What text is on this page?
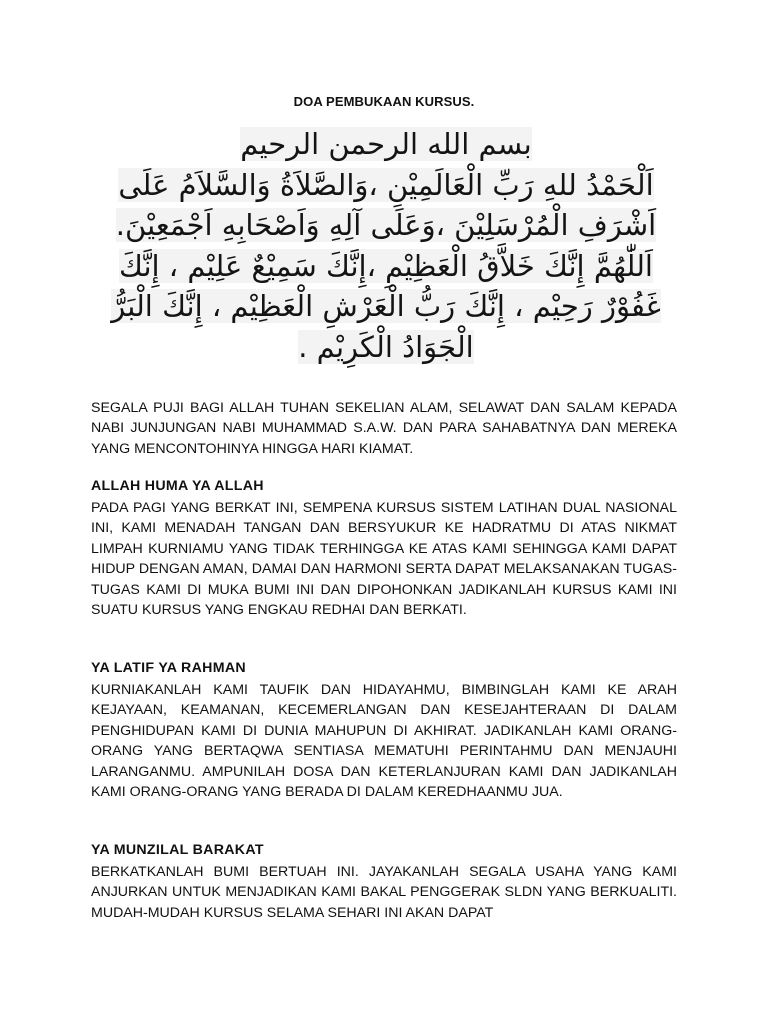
DOA PEMBUKAAN KURSUS.
بسم الله الرحمن الرحيم
اَلْحَمْدُ للهِ رَبِّ الْعَالَمِيْنِ ،وَالصَّلاَةُ وَالسَّلاَمُ عَلَى
اَشْرَفِ الْمُرْسَلِيْنَ ،وَعَلَى آلِهِ وَاَصْحَابِهِ اَجْمَعِيْنَ.
اَللّٰهُمَّ إِنَّكَ خَلاَّقُ الْعَظِيْمِ ،إِنَّكَ سَمِيْعٌ عَلِيْم ، إِنَّكَ
غَفُوْرٌ رَحِيْم ، إِنَّكَ رَبُّ الْعَرْشِ الْعَظِيْم ، إِنَّكَ الْبَرُّ
الْجَوَادُ الْكَرِيْم .

SEGALA PUJI BAGI ALLAH TUHAN SEKELIAN ALAM, SELAWAT DAN SALAM KEPADA NABI JUNJUNGAN NABI MUHAMMAD S.A.W. DAN PARA SAHABATNYA DAN MEREKA YANG MENCONTOHINYA HINGGA HARI KIAMAT.

ALLAH HUMA YA ALLAH

PADA PAGI YANG BERKAT INI, SEMPENA KURSUS SISTEM LATIHAN DUAL NASIONAL INI, KAMI MENADAH TANGAN DAN BERSYUKUR KE HADRATMU DI ATAS NIKMAT LIMPAH KURNIAMU YANG TIDAK TERHINGGA KE ATAS KAMI SEHINGGA KAMI DAPAT HIDUP DENGAN AMAN, DAMAI DAN HARMONI SERTA DAPAT MELAKSANAKAN TUGAS-TUGAS KAMI DI MUKA BUMI INI DAN DIPOHONKAN JADIKANLAH KURSUS KAMI INI SUATU KURSUS YANG ENGKAU REDHAI DAN BERKATI.

YA LATIF YA RAHMAN

KURNIAKANLAH KAMI TAUFIK DAN HIDAYAHMU, BIMBINGLAH KAMI KE ARAH KEJAYAAN, KEAMANAN, KECEMERLANGAN DAN KESEJAHTERAAN DI DALAM PENGHIDUPAN KAMI DI DUNIA MAHUPUN DI AKHIRAT. JADIKANLAH KAMI ORANG-ORANG YANG BERTAQWA SENTIASA MEMATUHI PERINTAHMU DAN MENJAUHI LARANGANMU. AMPUNILAH DOSA DAN KETERLANJURAN KAMI DAN JADIKANLAH KAMI ORANG-ORANG YANG BERADA DI DALAM KEREDHAANMU JUA.

YA MUNZILAL BARAKAT

BERKATKANLAH BUMI BERTUAH INI. JAYAKANLAH SEGALA USAHA YANG KAMI ANJURKAN UNTUK MENJADIKAN KAMI BAKAL PENGGERAK SLDN YANG BERKUALITI. MUDAH-MUDAH KURSUS SELAMA SEHARI INI AKAN DAPAT
